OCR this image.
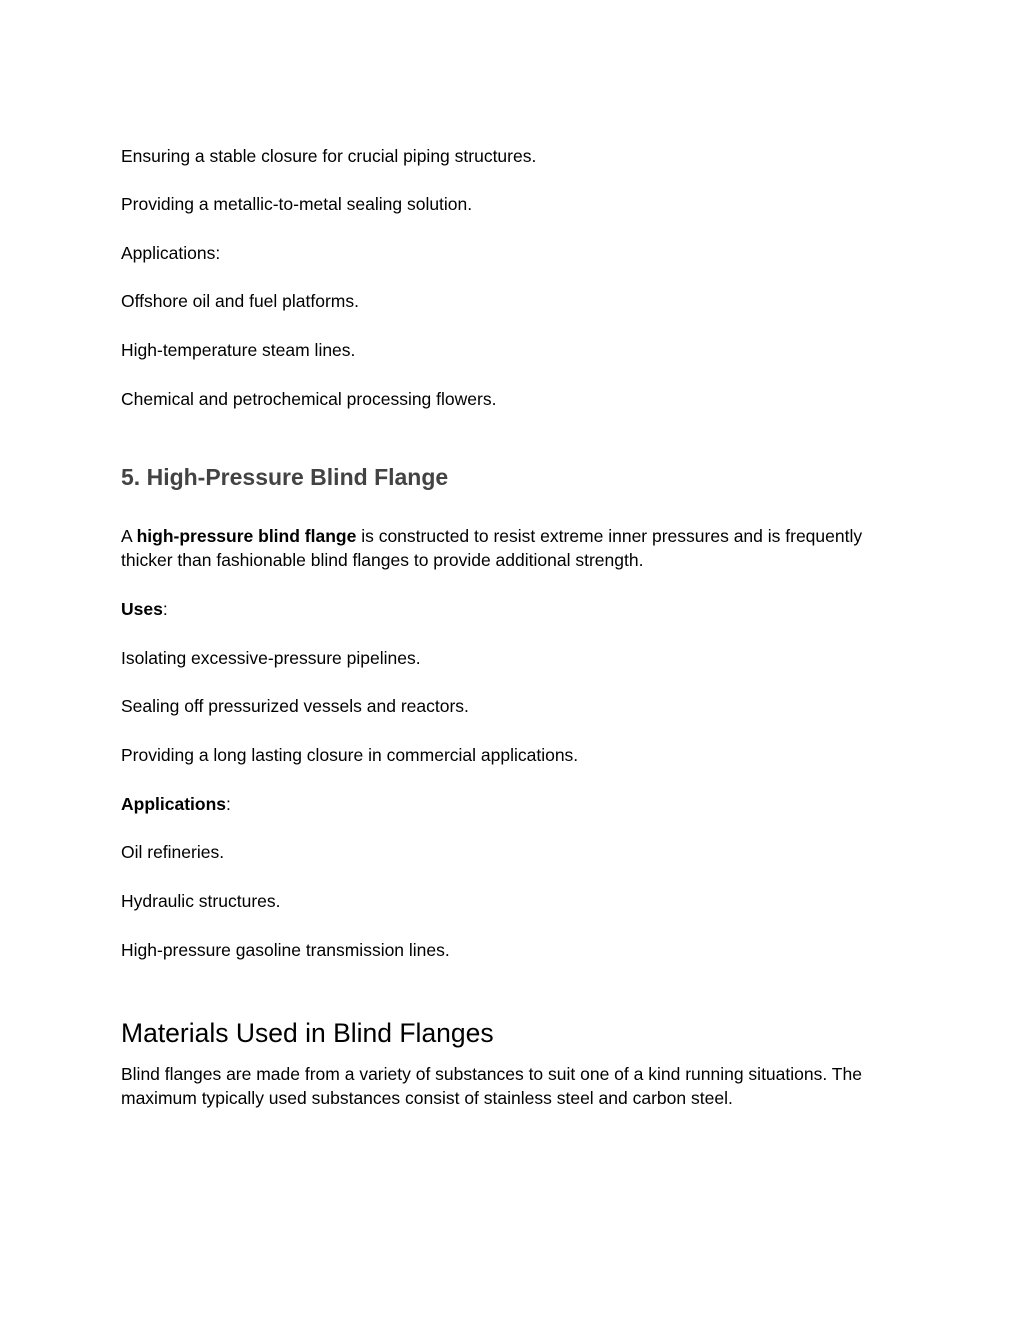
Ensuring a stable closure for crucial piping structures.

Providing a metallic-to-metal sealing solution.

Applications:

Offshore oil and fuel platforms.

High-temperature steam lines.

Chemical and petrochemical processing flowers.

5. High-Pressure Blind Flange

A high-pressure blind flange is constructed to resist extreme inner pressures and is frequently thicker than fashionable blind flanges to provide additional strength.

Uses:

Isolating excessive-pressure pipelines.

Sealing off pressurized vessels and reactors.

Providing a long lasting closure in commercial applications.

Applications:

Oil refineries.

Hydraulic structures.

High-pressure gasoline transmission lines.

Materials Used in Blind Flanges

Blind flanges are made from a variety of substances to suit one of a kind running situations. The maximum typically used substances consist of stainless steel and carbon steel.
